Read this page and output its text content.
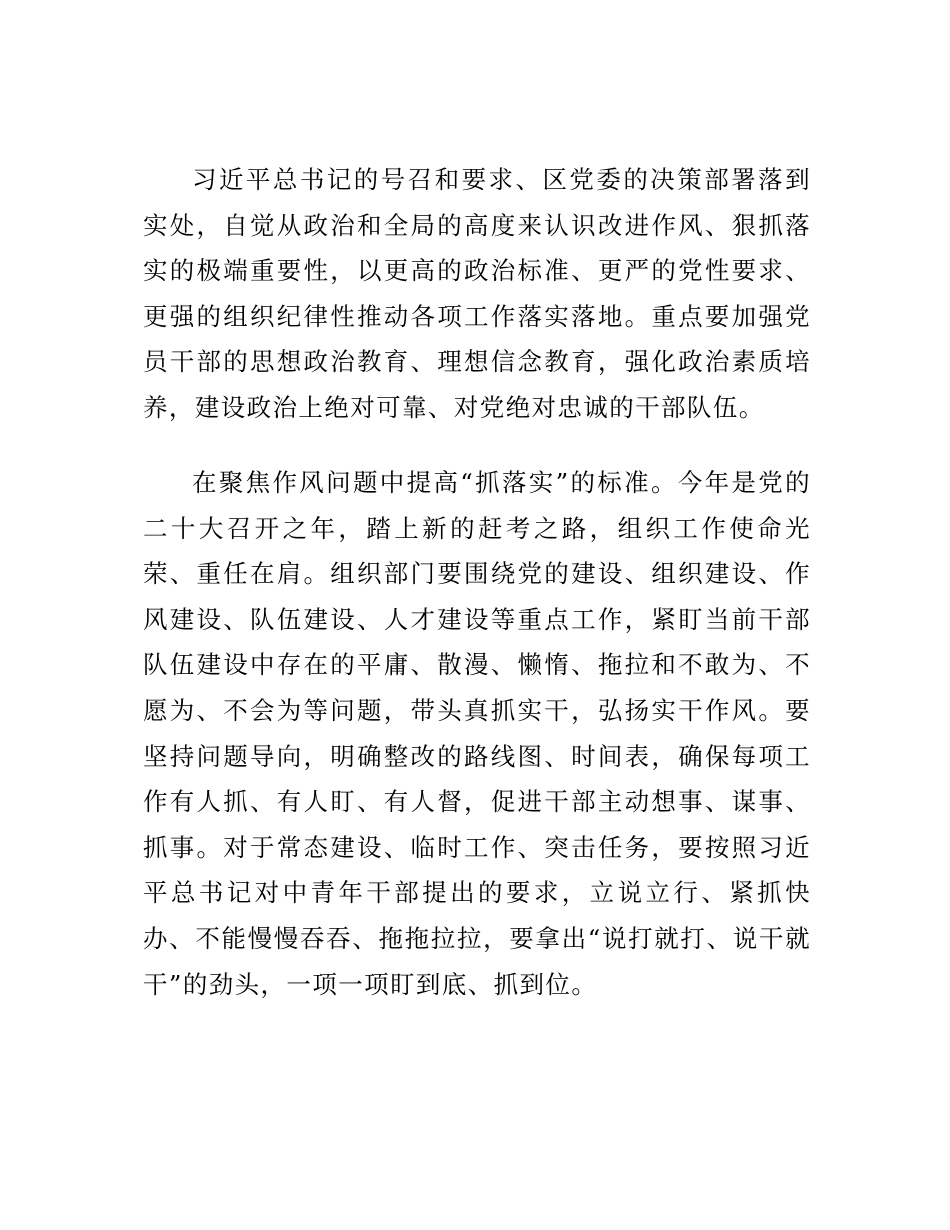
习近平总书记的号召和要求、区党委的决策部署落到实处，自觉从政治和全局的高度来认识改进作风、狠抓落实的极端重要性，以更高的政治标准、更严的党性要求、更强的组织纪律性推动各项工作落实落地。重点要加强党员干部的思想政治教育、理想信念教育，强化政治素质培养，建设政治上绝对可靠、对党绝对忠诚的干部队伍。

在聚焦作风问题中提高“抓落实”的标准。今年是党的二十大召开之年，踏上新的赶考之路，组织工作使命光荣、重任在肩。组织部门要围绕党的建设、组织建设、作风建设、队伍建设、人才建设等重点工作，紧盯当前干部队伍建设中存在的平庸、散漫、懒惰、拖拉和不敢为、不愿为、不会为等问题，带头真抓实干，弘扬实干作风。要坚持问题导向，明确整改的路线图、时间表，确保每项工作有人抓、有人盯、有人督，促进干部主动想事、谋事、抓事。对于常态建设、临时工作、突击任务，要按照习近平总书记对中青年干部提出的要求，立说立行、紧抓快办、不能慢慢吞吞、拖拖拉拉，要拿出“说打就打、说干就干”的劲头，一项一项盯到底、抓到位。
